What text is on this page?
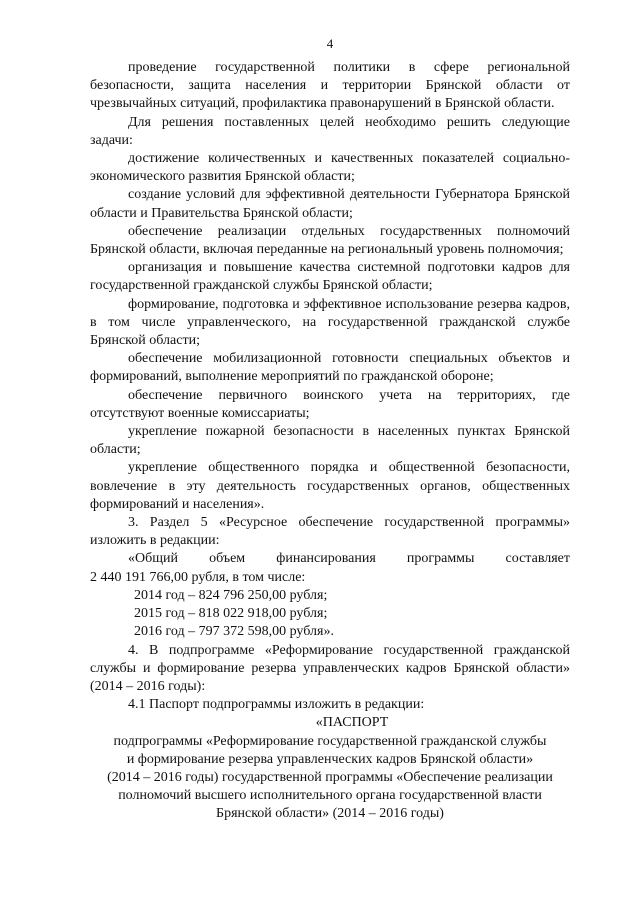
4

проведение государственной политики в сфере региональной безопасности, защита населения и территории Брянской области от чрезвычайных ситуаций, профилактика правонарушений в Брянской области.

Для решения поставленных целей необходимо решить следующие задачи:

достижение количественных и качественных показателей социально-экономического развития Брянской области;

создание условий для эффективной деятельности Губернатора Брянской области и Правительства Брянской области;

обеспечение реализации отдельных государственных полномочий Брянской области, включая переданные на региональный уровень полномочия;

организация и повышение качества системной подготовки кадров для государственной гражданской службы Брянской области;

формирование, подготовка и эффективное использование резерва кадров, в том числе управленческого, на государственной гражданской службе Брянской области;

обеспечение мобилизационной готовности специальных объектов и формирований, выполнение мероприятий по гражданской обороне;

обеспечение первичного воинского учета на территориях, где отсутствуют военные комиссариаты;

укрепление пожарной безопасности в населенных пунктах Брянской области;

укрепление общественного порядка и общественной безопасности, вовлечение в эту деятельность государственных органов, общественных формирований и населения».

3. Раздел 5 «Ресурсное обеспечение государственной программы» изложить в редакции:

«Общий объем финансирования программы составляет

2 440 191 766,00 рубля, в том числе:

2014 год – 824 796 250,00 рубля;

2015 год – 818 022 918,00 рубля;

2016 год – 797 372 598,00 рубля».

4. В подпрограмме «Реформирование государственной гражданской службы и формирование резерва управленческих кадров Брянской области» (2014 – 2016 годы):

4.1 Паспорт подпрограммы изложить в редакции:

«ПАСПОРТ

подпрограммы «Реформирование государственной гражданской службы

и формирование резерва управленческих кадров Брянской области»

(2014 – 2016 годы) государственной программы «Обеспечение реализации

полномочий высшего исполнительного органа государственной власти

Брянской области» (2014 – 2016 годы)
